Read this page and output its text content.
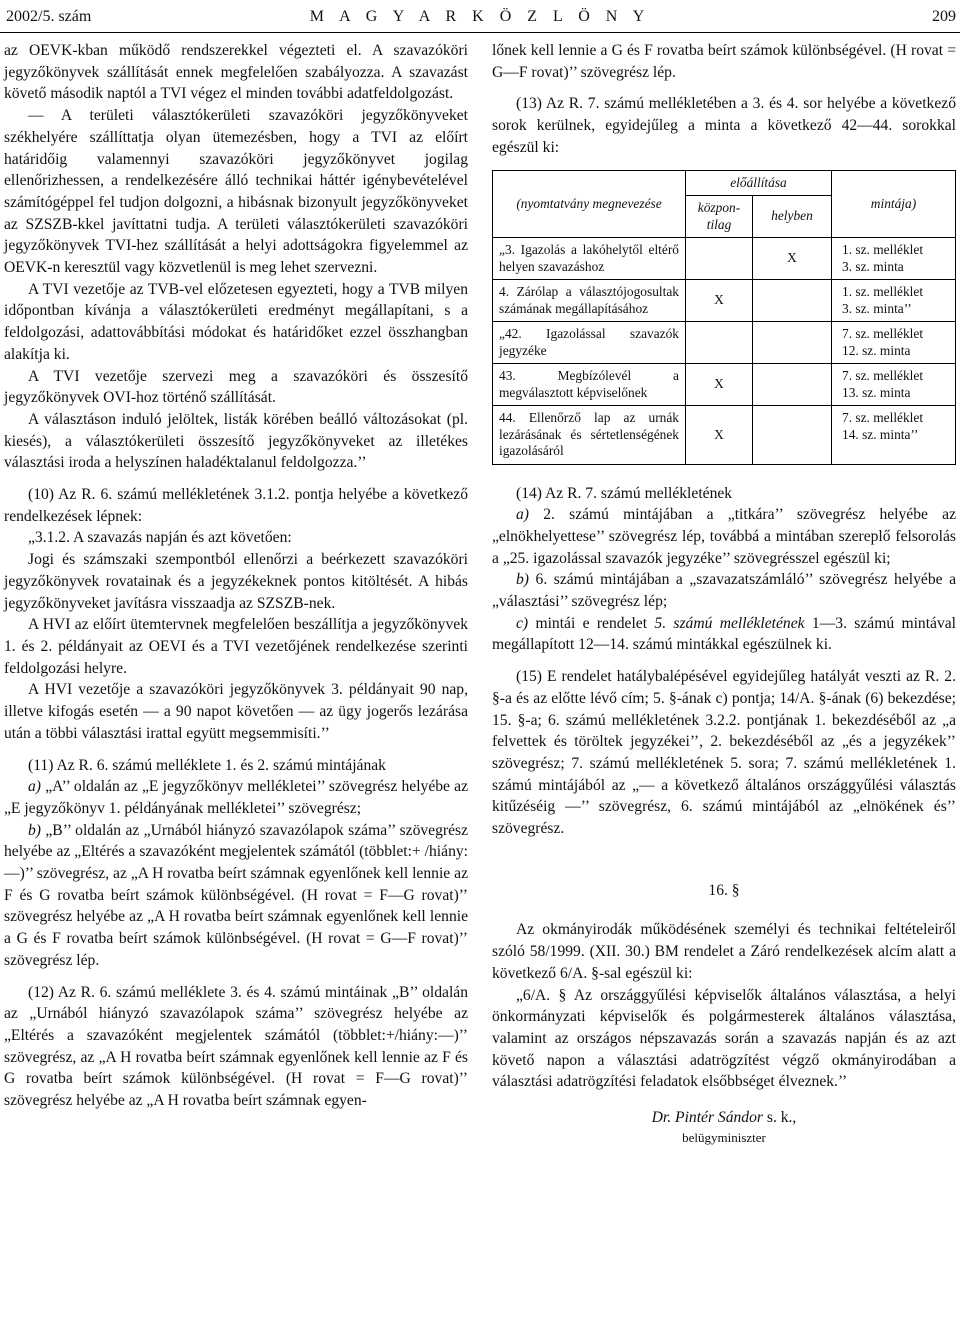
2002/5. szám	M A G Y A R K Ö Z L Ö N Y	209

az OEVK-kban működő rendszerekkel végezteti el. A szavazóköri jegyzőkönyvek szállítását ennek megfelelően szabályozza. A szavazást követő második naptól a TVI végez el minden további adatfeldolgozást.

— A területi választókerületi szavazóköri jegyzőkönyveket székhelyére szállíttatja olyan ütemezésben, hogy a TVI az előírt határidőig valamennyi szavazóköri jegyzőkönyvet jogilag ellenőrizhessen, a rendelkezésére álló technikai háttér igénybevételével számítógéppel fel tudjon dolgozni, a hibásnak bizonyult jegyzőkönyveket az SZSZB-kkel javíttatni tudja. A területi választókerületi szavazóköri jegyzőkönyvek TVI-hez szállítását a helyi adottságokra figyelemmel az OEVK-n keresztül vagy közvetlenül is meg lehet szervezni.

A TVI vezetője az TVB-vel előzetesen egyezteti, hogy a TVB milyen időpontban kívánja a választókerületi eredményt megállapítani, s a feldolgozási, adattovábbítási módokat és határidőket ezzel összhangban alakítja ki.

A TVI vezetője szervezi meg a szavazóköri és összesítő jegyzőkönyvek OVI-hoz történő szállítását.

A választáson induló jelöltek, listák körében beálló változásokat (pl. kiesés), a választókerületi összesítő jegyzőkönyveket az illetékes választási iroda a helyszínen haladéktalanul feldolgozza.’’

(10) Az R. 6. számú mellékletének 3.1.2. pontja helyébe a következő rendelkezések lépnek:

„3.1.2. A szavazás napján és azt követően:

Jogi és számszaki szempontból ellenőrzi a beérkezett szavazóköri jegyzőkönyvek rovatainak és a jegyzékeknek pontos kitöltését. A hibás jegyzőkönyveket javításra visszaadja az SZSZB-nek.

A HVI az előírt ütemtervnek megfelelően beszállítja a jegyzőkönyvek 1. és 2. példányait az OEVI és a TVI vezetőjének rendelkezése szerinti feldolgozási helyre.

A HVI vezetője a szavazóköri jegyzőkönyvek 3. példányait 90 nap, illetve kifogás esetén — a 90 napot követően — az ügy jogerős lezárása után a többi választási irattal együtt megsemmisíti.’’

(11) Az R. 6. számú melléklete 1. és 2. számú mintájának

a) „A’’ oldalán az „E jegyzőkönyv mellékletei’’ szövegrész helyébe az „E jegyzőkönyv 1. példányának mellékletei’’ szövegrész;

b) „B’’ oldalán az „Urnából hiányzó szavazólapok száma’’ szövegrész helyébe az „Eltérés a szavazóként megjelentek számától (többlet:+ /hiány:—)’’ szövegrész, az „A H rovatba beírt számnak egyenlőnek kell lennie az F és G rovatba beírt számok különbségével. (H rovat = F—G rovat)’’ szövegrész helyébe az „A H rovatba beírt számnak egyenlőnek kell lennie a G és F rovatba beírt számok különbségével. (H rovat = G—F rovat)’’ szövegrész lép.

(12) Az R. 6. számú melléklete 3. és 4. számú mintáinak „B’’ oldalán az „Urnából hiányzó szavazólapok száma’’ szövegrész helyébe az „Eltérés a szavazóként megjelentek számától (többlet:+/hiány:—)’’ szövegrész, az „A H rovatba beírt számnak egyenlőnek kell lennie az F és G rovatba beírt számok különbségével. (H rovat = F—G rovat)’’ szövegrész helyébe az „A H rovatba beírt számnak egyen-

lőnek kell lennie a G és F rovatba beírt számok különbségével. (H rovat = G—F rovat)’’ szövegrész lép.

(13) Az R. 7. számú mellékletében a 3. és 4. sor helyébe a következő sorok kerülnek, egyidejűleg a minta a következő 42—44. sorokkal egészül ki:

(nyomtatvány megnevezése	előállítása		mintája)
	közpon-tilag	helyben	
„3. Igazolás a lakóhelytől eltérő helyen szavazáshoz		X	1. sz. melléklet
3. sz. minta

4. Zárólap a választójogosultak számának megállapításához	X		1. sz. melléklet
3. sz. minta’’

„42. Igazolással szavazók jegyzéke			7. sz. melléklet
12. sz. minta

43. Megbízólevél a megválasztott képviselőnek	X		7. sz. melléklet
13. sz. minta

44. Ellenőrző lap az urnák lezárásának és sértetlenségének igazolásáról	X		7. sz. melléklet
14. sz. minta’’

(14) Az R. 7. számú mellékletének

a) 2. számú mintájában a „titkára’’ szövegrész helyébe az „elnökhelyettese’’ szövegrész lép, továbbá a mintában szereplő felsorolás a „25. igazolással szavazók jegyzéke’’ szövegrésszel egészül ki;

b) 6. számú mintájában a „szavazatszámláló’’ szövegrész helyébe a „választási’’ szövegrész lép;

c) mintái e rendelet 5. számú mellékletének 1—3. számú mintával megállapított 12—14. számú mintákkal egészülnek ki.

(15) E rendelet hatálybalépésével egyidejűleg hatályát veszti az R. 2. §-a és az előtte lévő cím; 5. §-ának c) pontja; 14/A. §-ának (6) bekezdése; 15. §-a; 6. számú mellékletének 3.2.2. pontjának 1. bekezdéséből az „a felvettek és töröltek jegyzékei’’, 2. bekezdéséből az „és a jegyzékek’’ szövegrész; 7. számú mellékletének 5. sora; 7. számú mellékletének 1. számú mintájából az „— a következő általános országgyűlési választás kitűzéséig —’’ szövegrész, 6. számú mintájából az „elnökének és’’ szövegrész.

16. §

Az okmányirodák működésének személyi és technikai feltételeiről szóló 58/1999. (XII. 30.) BM rendelet a Záró rendelkezések alcím alatt a következő 6/A. §-sal egészül ki:

„6/A. § Az országgyűlési képviselők általános választása, a helyi önkormányzati képviselők és polgármesterek általános választása, valamint az országos népszavazás során a szavazás napján és az azt követő napon a választási adatrögzítést végző okmányirodában a választási adatrögzítési feladatok elsőbbséget élveznek.’’

Dr. Pintér Sándor s. k.,

belügyminiszter
